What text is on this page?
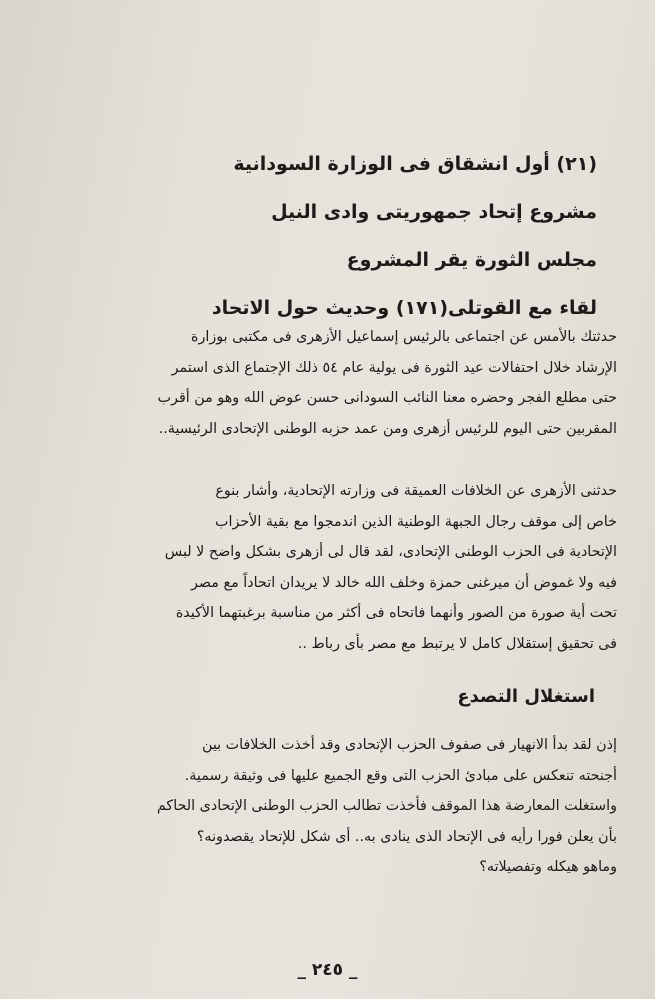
(٢١) أول انشقاق فى الوزارة السودانية
مشروع إتحاد جمهوريتى وادى النيل
مجلس الثورة يقر المشروع
لقاء مع القوتلى(١٧١) وحديث حول الاتحاد
حدثتك بالأمس عن اجتماعى بالرئيس إسماعيل الأزهرى فى مكتبى بوزارة
الإرشاد خلال احتفالات عيد الثورة فى يولية عام ٥٤ ذلك الإجتماع الذى استمر
حتى مطلع الفجر وحضره معنا النائب السودانى حسن عوض الله وهو من أقرب
المقربين حتى اليوم للرئيس أزهرى ومن عمد حزبه الوطنى الإتحادى الرئيسية..
حدثنى الأزهرى عن الخلافات العميقة فى وزارته الإتحادية، وأشار بنوع
خاص إلى موقف رجال الجبهة الوطنية الذين اندمجوا مع بقية الأحزاب
الإتحادية فى الحزب الوطنى الإتحادى، لقد قال لى أزهرى بشكل واضح لا لبس
فيه ولا غموض أن ميرغنى حمزة وخلف الله خالد لا يريدان اتحاداً مع مصر
تحت أية صورة من الصور وأنهما فاتحاه فى أكثر من مناسبة برغبتهما الأكيدة
فى تحقيق إستقلال كامل لا يرتبط مع مصر بأى رباط ..
استغلال التصدع
إذن لقد بدأ الانهيار فى صفوف الحزب الإتحادى وقد أخذت الخلافات بين
أجنحته تنعكس على مبادئ الحزب التى وقع الجميع عليها فى وثيقة رسمية.
واستغلت المعارضة هذا الموقف فأخذت تطالب الحزب الوطنى الإتحادى الحاكم
بأن يعلن فورا رأيه فى الإتحاد الذى ينادى به.. أى شكل للإتحاد يقصدونه؟
وماهو هيكله وتفصيلاته؟
_ ٢٤٥ _
